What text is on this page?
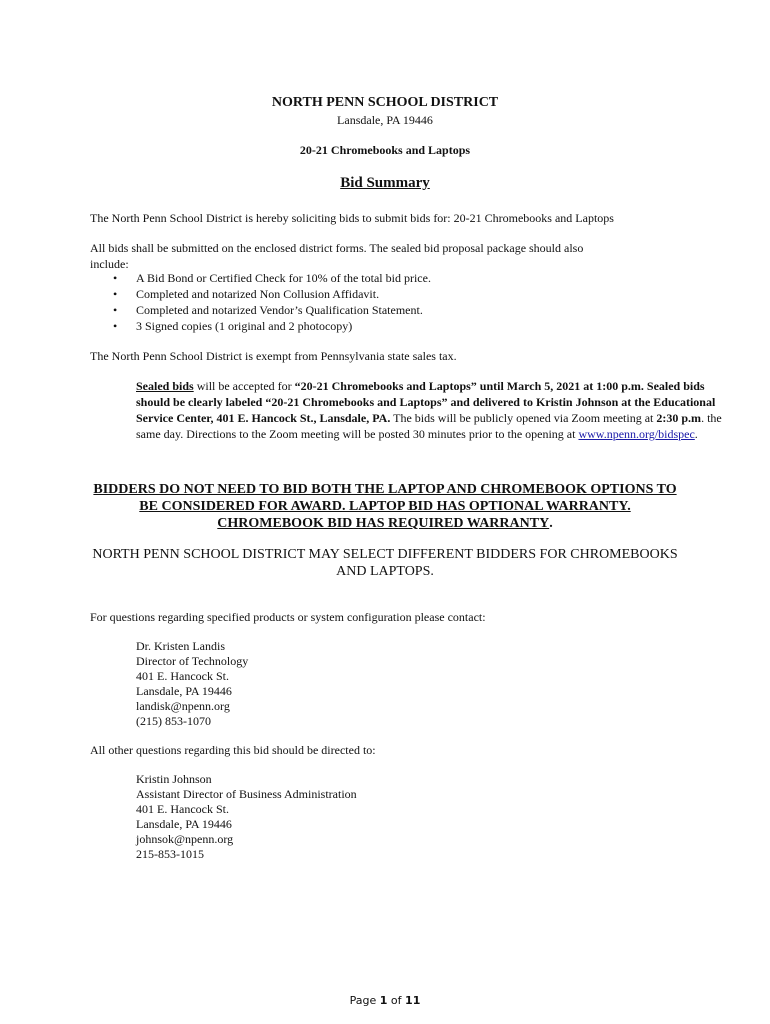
NORTH PENN SCHOOL DISTRICT
Lansdale, PA 19446
20-21 Chromebooks and Laptops
Bid Summary
The North Penn School District is hereby soliciting bids to submit bids for: 20-21 Chromebooks and Laptops
All bids shall be submitted on the enclosed district forms. The sealed bid proposal package should also
include:
• A Bid Bond or Certified Check for 10% of the total bid price.
• Completed and notarized Non Collusion Affidavit.
• Completed and notarized Vendor’s Qualification Statement.
• 3 Signed copies (1 original and 2 photocopy)
The North Penn School District is exempt from Pennsylvania state sales tax.

Sealed bids will be accepted for “20-21 Chromebooks and Laptops” until March 5, 2021 at 1:00 p.m. Sealed bids should be clearly labeled “20-21 Chromebooks and Laptops” and delivered to Kristin Johnson at the Educational Service Center, 401 E. Hancock St., Lansdale, PA. The bids will be publicly opened via Zoom meeting at 2:30 p.m. the same day. Directions to the Zoom meeting will be posted 30 minutes prior to the opening at www.npenn.org/bidspec.

BIDDERS DO NOT NEED TO BID BOTH THE LAPTOP AND CHROMEBOOK OPTIONS TO
BE CONSIDERED FOR AWARD. LAPTOP BID HAS OPTIONAL WARRANTY.
CHROMEBOOK BID HAS REQUIRED WARRANTY.
NORTH PENN SCHOOL DISTRICT MAY SELECT DIFFERENT BIDDERS FOR CHROMEBOOKS
AND LAPTOPS.
For questions regarding specified products or system configuration please contact:
Dr. Kristen Landis
Director of Technology
401 E. Hancock St.
Lansdale, PA 19446
landisk@npenn.org
(215) 853-1070
All other questions regarding this bid should be directed to:
Kristin Johnson
Assistant Director of Business Administration
401 E. Hancock St.
Lansdale, PA 19446
johnsok@npenn.org
215-853-1015
Page 1 of 11
